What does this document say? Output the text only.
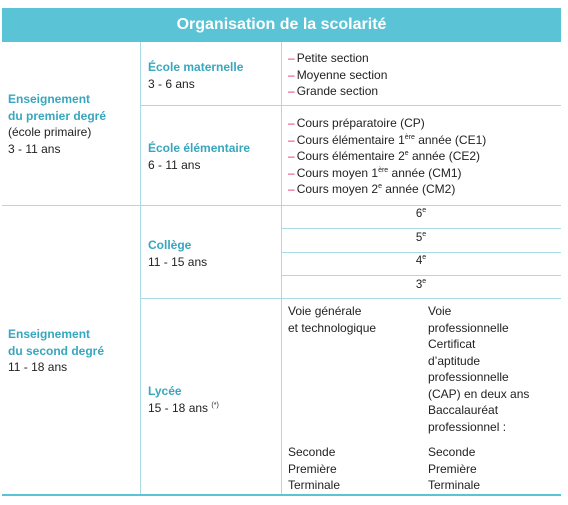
Organisation de la scolarité
Enseignement
du premier degré
(école primaire)
3 - 11 ans
École maternelle
3 - 6 ans
– Petite section
– Moyenne section
– Grande section
École élémentaire
6 - 11 ans
– Cours préparatoire (CP)
– Cours élémentaire 1ère année (CE1)
– Cours élémentaire 2e année (CE2)
– Cours moyen 1ère année (CM1)
– Cours moyen 2e année (CM2)
Enseignement
du second degré
11 - 18 ans
Collège
11 - 15 ans
6e
5e
4e
3e
Lycée
15 - 18 ans (*)
Voie générale
et technologique
Voie
professionnelle
Certificat
d’aptitude
professionnelle
(CAP) en deux ans
Baccalauréat
professionnel :
Seconde
Première
Terminale
Seconde
Première
Terminale
